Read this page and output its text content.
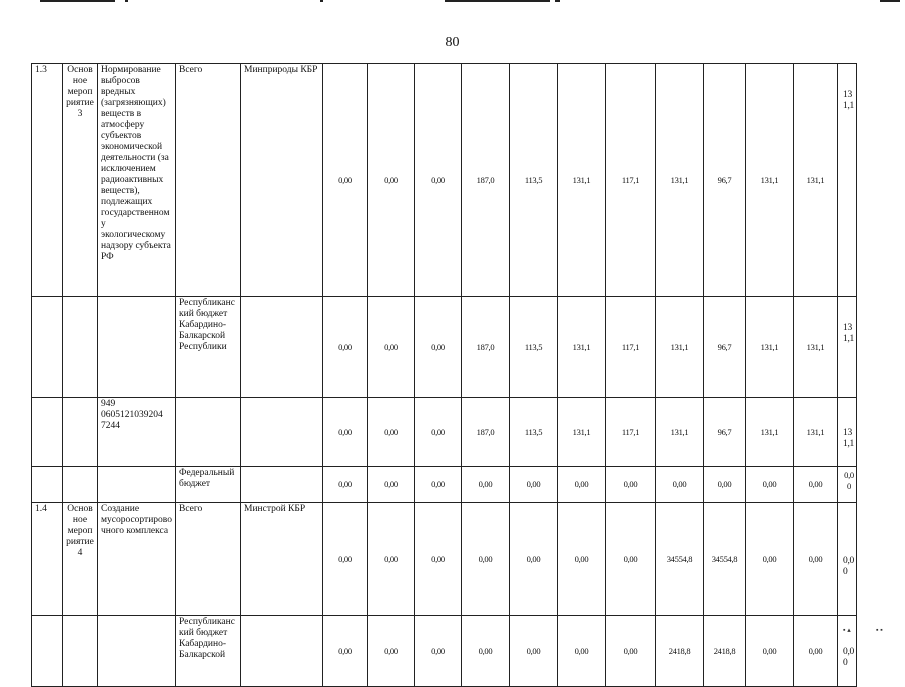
80
1.3	Основное мероприятие 3	Нормирование выбросов вредных (загрязняющих) веществ в атмосферу субъектов экономической деятельности (за исключением радиоактивных веществ), подлежащих государственному экологическому надзору субъекта РФ	Всего	Минприроды КБР	0,00	0,00	0,00	187,0	113,5	131,1	117,1	131,1	96,7	131,1	131,1	131,1
			Республиканский бюджет Кабардино-Балкарской Республики		0,00	0,00	0,00	187,0	113,5	131,1	117,1	131,1	96,7	131,1	131,1	131,1
		949 0605121039204 7244			0,00	0,00	0,00	187,0	113,5	131,1	117,1	131,1	96,7	131,1	131,1	131,1
			Федеральный бюджет		0,00	0,00	0,00	0,00	0,00	0,00	0,00	0,00	0,00	0,00	0,00	0,00
1.4	Основное мероприятие 4	Создание мусоросортировочного комплекса	Всего	Минстрой КБР	0,00	0,00	0,00	0,00	0,00	0,00	0,00	34554,8	34554,8	0,00	0,00	0,00
			Республиканский бюджет Кабардино-Балкарской		0,00	0,00	0,00	0,00	0,00	0,00	0,00	2418,8	2418,8	0,00	0,00	0,00
▪ ▴	▪ ▪
